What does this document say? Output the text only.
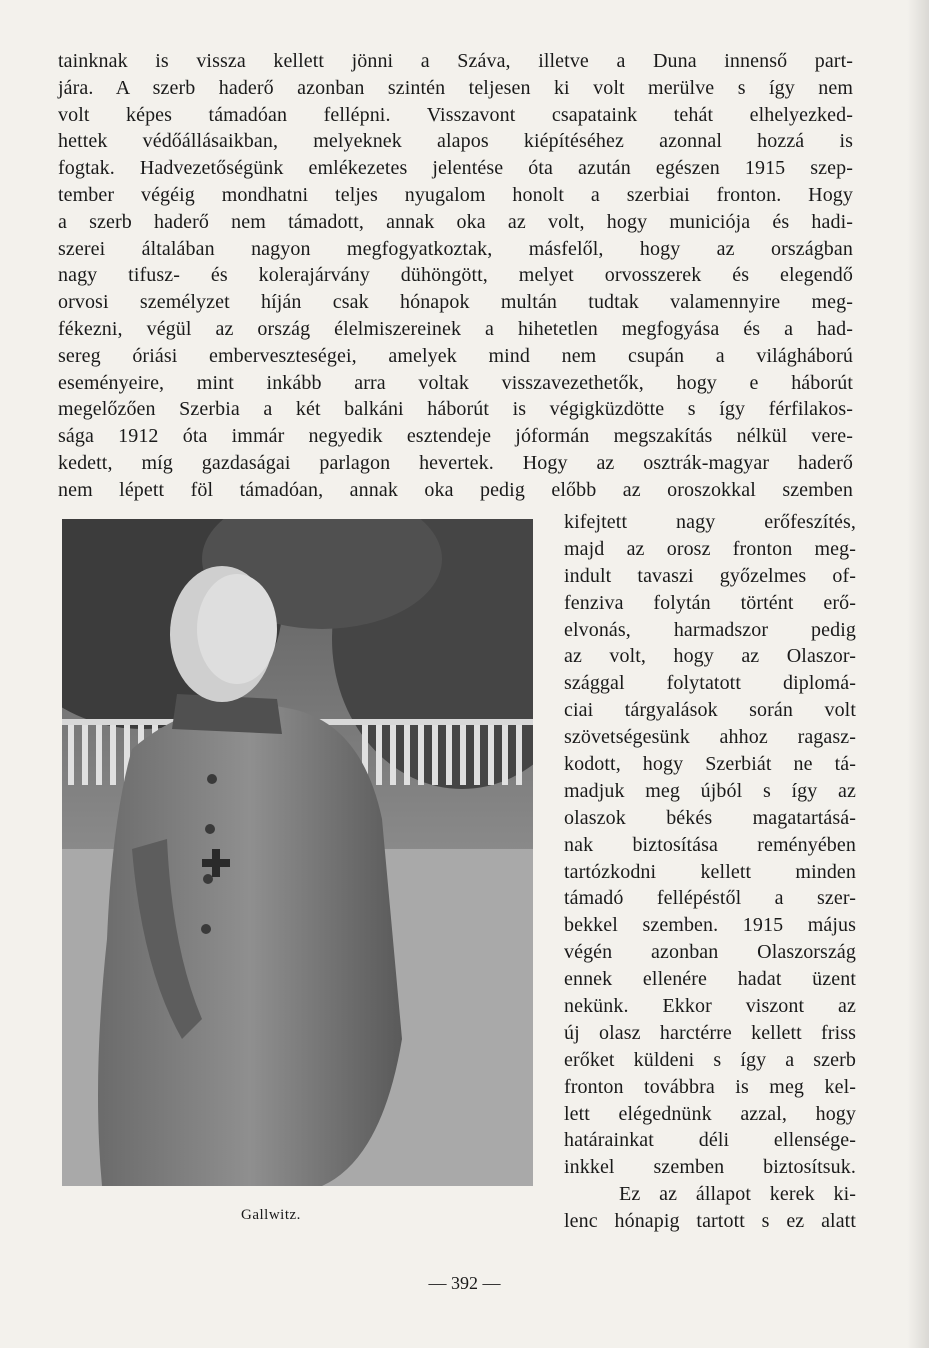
tainknak is vissza kellett jönni a Száva, illetve a Duna innenső part-
jára. A szerb haderő azonban szintén teljesen ki volt merülve s így nem
volt képes támadóan fellépni. Visszavont csapataink tehát elhelyezked-
hettek védőállásaikban, melyeknek alapos kiépítéséhez azonnal hozzá is
fogtak. Hadvezetőségünk emlékezetes jelentése óta azután egészen 1915 szep-
tember végéig mondhatni teljes nyugalom honolt a szerbiai fronton. Hogy
a szerb haderő nem támadott, annak oka az volt, hogy municiója és hadi-
szerei általában nagyon megfogyatkoztak, másfelől, hogy az országban
nagy tifusz- és kolerajárvány dühöngött, melyet orvosszerek és elegendő
orvosi személyzet híján csak hónapok multán tudtak valamennyire meg-
fékezni, végül az ország élelmiszereinek a hihetetlen megfogyása és a had-
sereg óriási emberveszteségei, amelyek mind nem csupán a világháború
eseményeire, mint inkább arra voltak visszavezethetők, hogy e háborút
megelőzően Szerbia a két balkáni háborút is végigküzdötte s így férfilakos-
sága 1912 óta immár negyedik esztendeje jóformán megszakítás nélkül vere-
kedett, míg gazdaságai parlagon hevertek. Hogy az osztrák-magyar haderő
nem lépett föl támadóan, annak oka pedig előbb az oroszokkal szemben
Gallwitz.
kifejtett nagy erőfeszítés,
majd az orosz fronton meg-
indult tavaszi győzelmes of-
fenziva folytán történt erő-
elvonás, harmadszor pedig
az volt, hogy az Olaszor-
szággal folytatott diplomá-
ciai tárgyalások során volt
szövetségesünk ahhoz ragasz-
kodott, hogy Szerbiát ne tá-
madjuk meg újból s így az
olaszok békés magatartásá-
nak biztosítása reményében
tartózkodni kellett minden
támadó fellépéstől a szer-
bekkel szemben. 1915 május
végén azonban Olaszország
ennek ellenére hadat üzent
nekünk. Ekkor viszont az
új olasz harctérre kellett friss
erőket küldeni s így a szerb
fronton továbbra is meg kel-
lett elégednünk azzal, hogy
határainkat déli ellensége-
inkkel szemben biztosítsuk.
Ez az állapot kerek ki-
lenc hónapig tartott s ez alatt
— 392 —
